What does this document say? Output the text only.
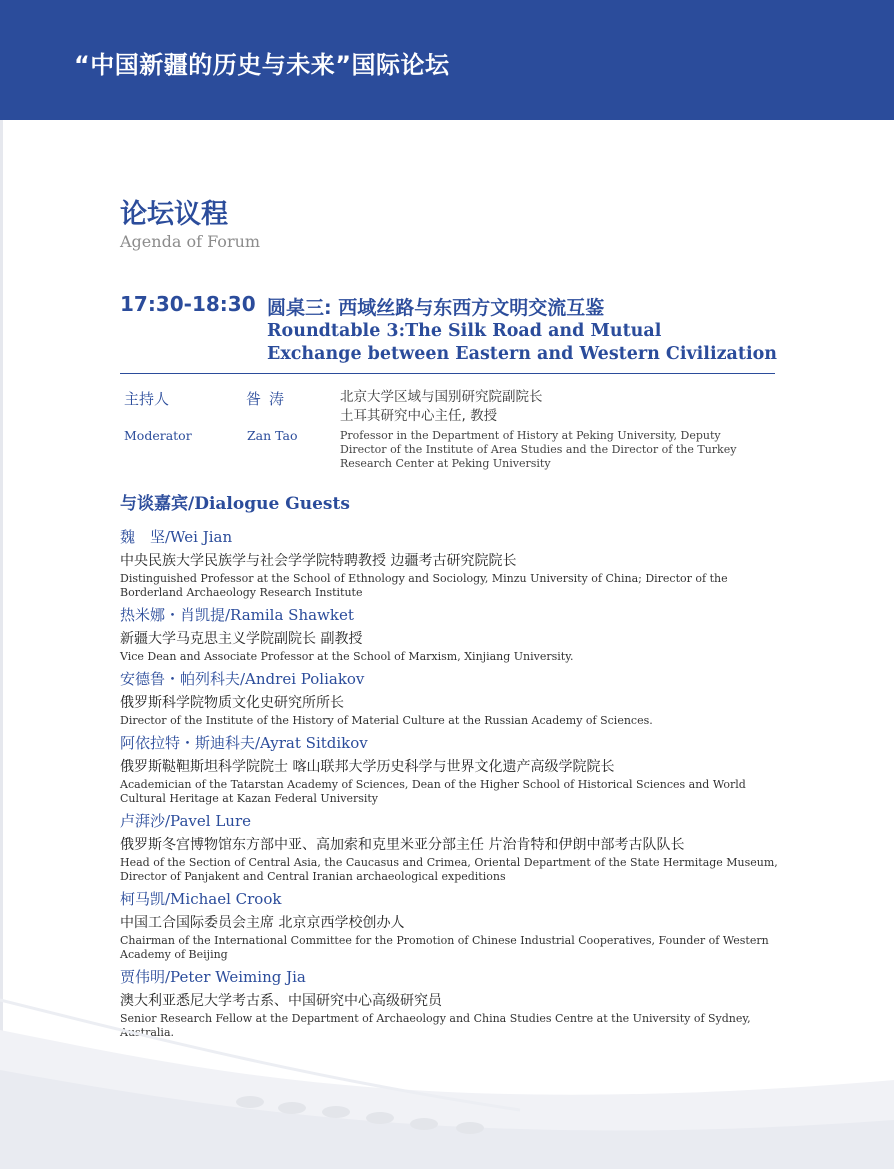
“中国新疆的历史与未来”国际论坛
论坛议程
Agenda of Forum
17:30-18:30 圆桌三: 西域丝路与东西方文明交流互鉴
Roundtable 3:The Silk Road and Mutual
Exchange between Eastern and Western Civilization
主持人	昝涛	北京大学区域与国别研究院副院长
土耳其研究中心主任, 教授
Moderator	Zan Tao	Professor in the Department of History at Peking University, Deputy Director of the Institute of Area Studies and the Director of the Turkey Research Center at Peking University
与谈嘉宾/Dialogue Guests
魏　坚/Wei Jian
中央民族大学民族学与社会学学院特聘教授 边疆考古研究院院长
Distinguished Professor at the School of Ethnology and Sociology, Minzu University of China; Director of the Borderland Archaeology Research Institute
热米娜・肖凯提/Ramila Shawket
新疆大学马克思主义学院副院长 副教授
Vice Dean and Associate Professor at the School of Marxism, Xinjiang University.
安德鲁・帕列科夫/Andrei Poliakov
俄罗斯科学院物质文化史研究所所长
Director of the Institute of the History of Material Culture at the Russian Academy of Sciences.
阿依拉特・斯迪科夫/Ayrat Sitdikov
俄罗斯鞑靼斯坦科学院院士 喀山联邦大学历史科学与世界文化遗产高级学院院长
Academician of the Tatarstan Academy of Sciences, Dean of the Higher School of Historical Sciences and World Cultural Heritage at Kazan Federal University
卢湃沙/Pavel Lure
俄罗斯冬宫博物馆东方部中亚、高加索和克里米亚分部主任 片治肯特和伊朗中部考古队队长
Head of the Section of Central Asia, the Caucasus and Crimea, Oriental Department of the State Hermitage Museum, Director of Panjakent and Central Iranian archaeological expeditions
柯马凯/Michael Crook
中国工合国际委员会主席 北京京西学校创办人
Chairman of the International Committee for the Promotion of Chinese Industrial Cooperatives, Founder of Western Academy of Beijing
贾伟明/Peter Weiming Jia
澳大利亚悉尼大学考古系、中国研究中心高级研究员
Senior Research Fellow at the Department of Archaeology and China Studies Centre at the University of Sydney, Australia.
